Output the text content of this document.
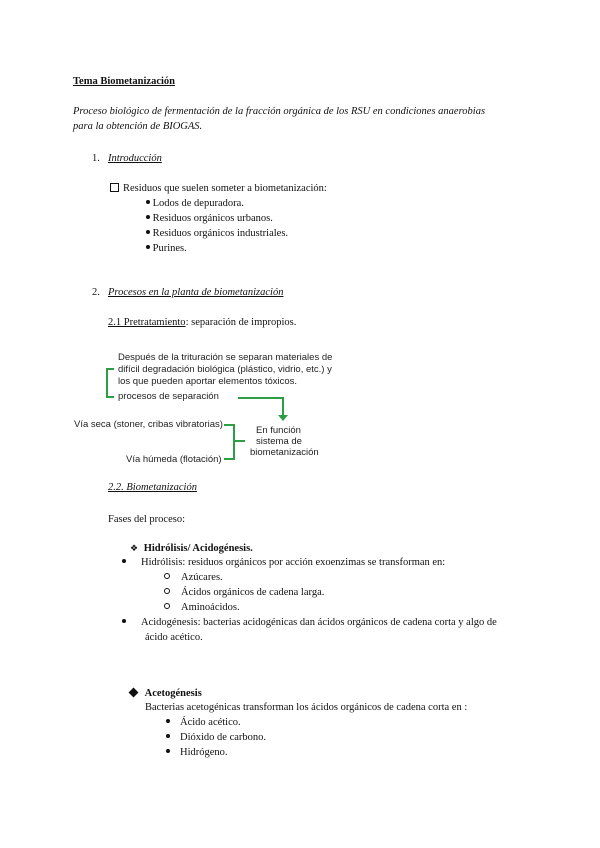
Tema Biometanización
Proceso biológico de fermentación de la fracción orgánica de los RSU en condiciones anaerobias
para la obtención de BIOGAS.
1. Introducción
Residuos que suelen someter a biometanización:
Lodos de depuradora.
Residuos orgánicos urbanos.
Residuos orgánicos industriales.
Purines.
2. Procesos en la planta de biometanización
2.1 Pretratamiento: separación de impropios.
Después de la trituración se separan materiales de
difícil degradación biológica (plástico, vidrio, etc.) y
los que pueden aportar elementos tóxicos.
procesos de separación
Vía seca (stoner, cribas vibratorias)
Vía húmeda (flotación)
En función
sistema de
biometanización
2.2. Biometanización
Fases del proceso:
❖ Hidrólisis/ Acidogénesis.
Hidrólisis: residuos orgánicos por acción exoenzimas se transforman en:
Azúcares.
Ácidos orgánicos de cadena larga.
Aminoácidos.
Acidogénesis: bacterias acidogénicas dan ácidos orgánicos de cadena corta y algo de
ácido acético.
Acetogénesis
Bacterias acetogénicas transforman los ácidos orgánicos de cadena corta en :
Ácido acético.
Dióxido de carbono.
Hidrógeno.
